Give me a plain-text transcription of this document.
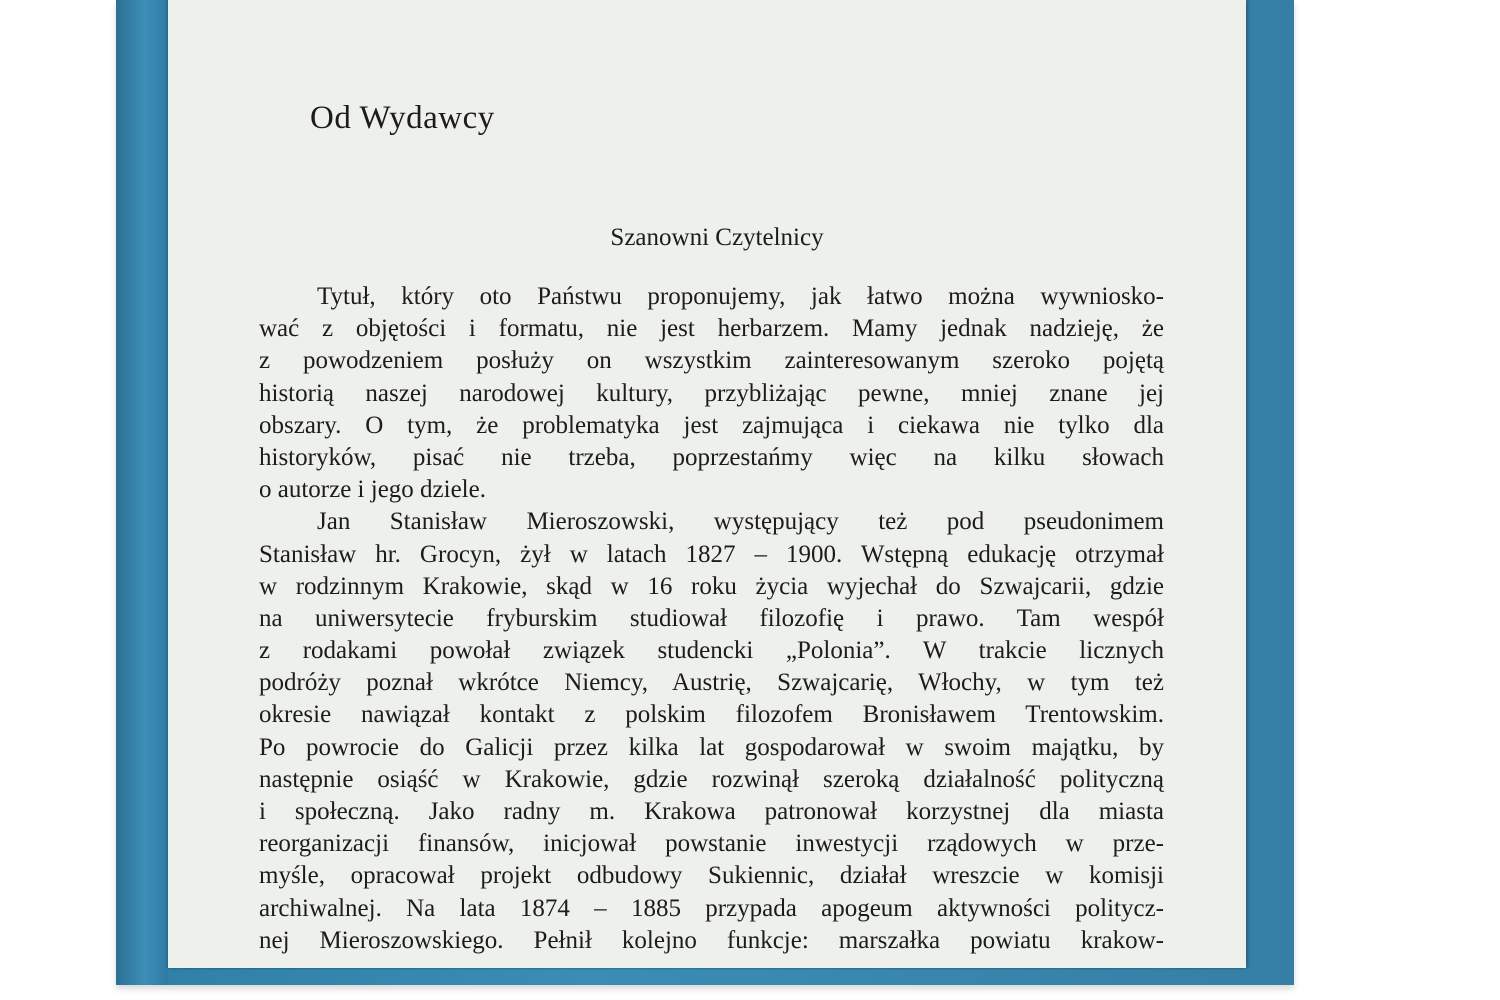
Od Wydawcy
Szanowni Czytelnicy
Tytuł, który oto Państwu proponujemy, jak łatwo można wywniosko-
wać z objętości i formatu, nie jest herbarzem. Mamy jednak nadzieję, że
z powodzeniem posłuży on wszystkim zainteresowanym szeroko pojętą
historią naszej narodowej kultury, przybliżając pewne, mniej znane jej
obszary. O tym, że problematyka jest zajmująca i ciekawa nie tylko dla
historyków, pisać nie trzeba, poprzestańmy więc na kilku słowach
o autorze i jego dziele.
Jan Stanisław Mieroszowski, występujący też pod pseudonimem
Stanisław hr. Grocyn, żył w latach 1827 – 1900. Wstępną edukację otrzymał
w rodzinnym Krakowie, skąd w 16 roku życia wyjechał do Szwajcarii, gdzie
na uniwersytecie fryburskim studiował filozofię i prawo. Tam wespół
z rodakami powołał związek studencki „Polonia”. W trakcie licznych
podróży poznał wkrótce Niemcy, Austrię, Szwajcarię, Włochy, w tym też
okresie nawiązał kontakt z polskim filozofem Bronisławem Trentowskim.
Po powrocie do Galicji przez kilka lat gospodarował w swoim majątku, by
następnie osiąść w Krakowie, gdzie rozwinął szeroką działalność polityczną
i społeczną. Jako radny m. Krakowa patronował korzystnej dla miasta
reorganizacji finansów, inicjował powstanie inwestycji rządowych w prze-
myśle, opracował projekt odbudowy Sukiennic, działał wreszcie w komisji
archiwalnej. Na lata 1874 – 1885 przypada apogeum aktywności politycz-
nej Mieroszowskiego. Pełnił kolejno funkcje: marszałka powiatu krakow-
